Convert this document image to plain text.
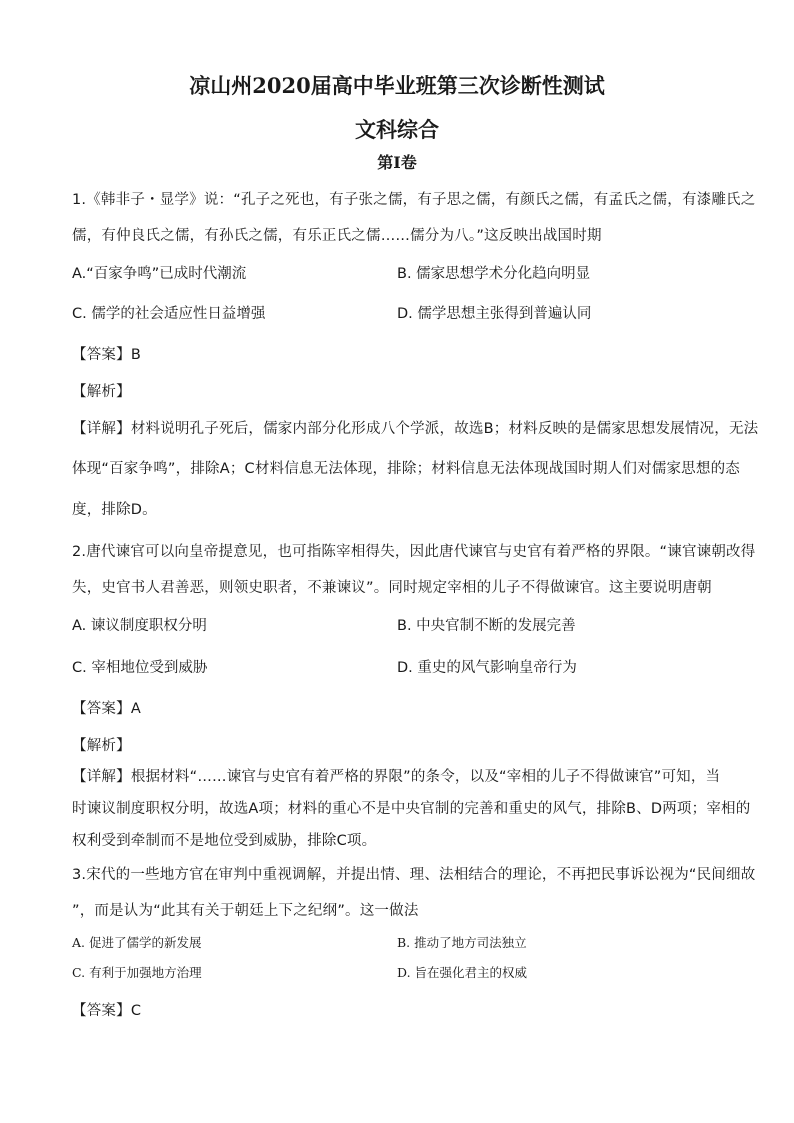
凉山州2020届高中毕业班第三次诊断性测试
文科综合
第I卷
1.《韩非子・显学》说：“孔子之死也，有子张之儒，有子思之儒，有颜氏之儒，有孟氏之儒，有漆雕氏之
儒，有仲良氏之儒，有孙氏之儒，有乐正氏之儒……儒分为八。”这反映出战国时期
A.“百家争鸣”已成时代潮流	B. 儒家思想学术分化趋向明显
C. 儒学的社会适应性日益增强	D. 儒学思想主张得到普遍认同
【 答案 】 B
【 解析 】
【 详解 】 材料说明孔子死后，儒家内部分化形成八个学派，故选B；材料反映的是儒家思想发展情况，无法
体现“百家争鸣”，排除A；C材料信息无法体现，排除；材料信息无法体现战国时期人们对儒家思想的态
度，排除D。
2.唐代谏官可以向皇帝提意见，也可指陈宰相得失，因此唐代谏官与史官有着严格的界限。“谏官谏朝改得
失，史官书人君善恶，则领史职者，不兼谏议”。同时规定宰相的儿子不得做谏官。这主要说明唐朝
A. 谏议制度职权分明	B. 中央官制不断的发展完善
C. 宰相地位受到威胁	D. 重史的风气影响皇帝行为
【 答案 】 A
【 解析 】
【 详解 】 根据材料“……谏官与史官有着严格的界限”的条令，以及“宰相的儿子不得做谏官”可知，当
时谏议制度职权分明，故选A项；材料的重心不是中央官制的完善和重史的风气，排除B、D两项；宰相的
权利受到牵制而不是地位受到威胁，排除C项。
3.宋代的一些地方官在审判中重视调解，并提出情、理、法相结合的理论，不再把民事诉讼视为“民间细故
”，而是认为“此其有关于朝廷上下之纪纲”。这一做法
A. 促进了儒学的新发展	B. 推动了地方司法独立
C. 有利于加强地方治理	D. 旨在强化君主的权威
【 答案 】 C
